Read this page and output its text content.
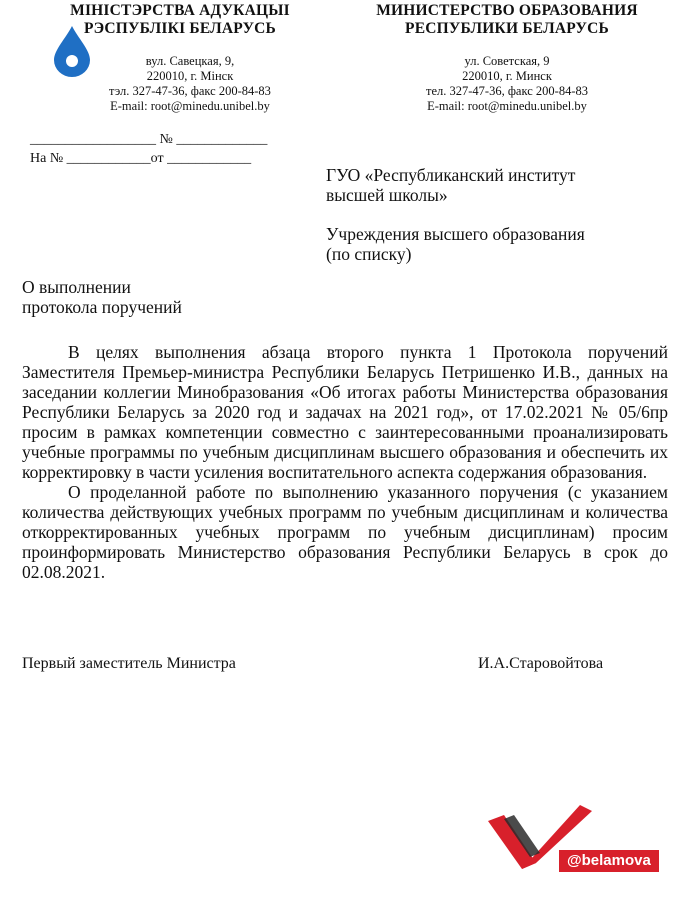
МІНІСТЭРСТВА АДУКАЦЫІ
РЭСПУБЛІКІ БЕЛАРУСЬ
вул. Савецкая, 9,
220010, г. Мінск
тэл. 327-47-36, факс 200-84-83
E-mail: root@minedu.unibel.by
МИНИСТЕРСТВО ОБРАЗОВАНИЯ
РЕСПУБЛИКИ БЕЛАРУСЬ
ул. Советская, 9
220010, г. Минск
тел. 327-47-36, факс 200-84-83
E-mail: root@minedu.unibel.by
__________________ № _____________
На № ____________от ____________
ГУО «Республиканский институт
высшей школы»
Учреждения высшего образования
(по списку)
О выполнении
протокола поручений

В целях выполнения абзаца второго пункта 1 Протокола поручений Заместителя Премьер-министра Республики Беларусь Петришенко И.В., данных на заседании коллегии Минобразования «Об итогах работы Министерства образования Республики Беларусь за 2020 год и задачах на 2021 год», от 17.02.2021 № 05/6пр просим в рамках компетенции совместно с заинтересованными проанализировать учебные программы по учебным дисциплинам высшего образования и обеспечить их корректировку в части усиления воспитательного аспекта содержания образования.

О проделанной работе по выполнению указанного поручения (с указанием количества действующих учебных программ по учебным дисциплинам и количества откорректированных учебных программ по учебным дисциплинам) просим проинформировать Министерство образования Республики Беларусь в срок до 02.08.2021.

Первый заместитель Министра	И.А.Старовойтова
@belamova
